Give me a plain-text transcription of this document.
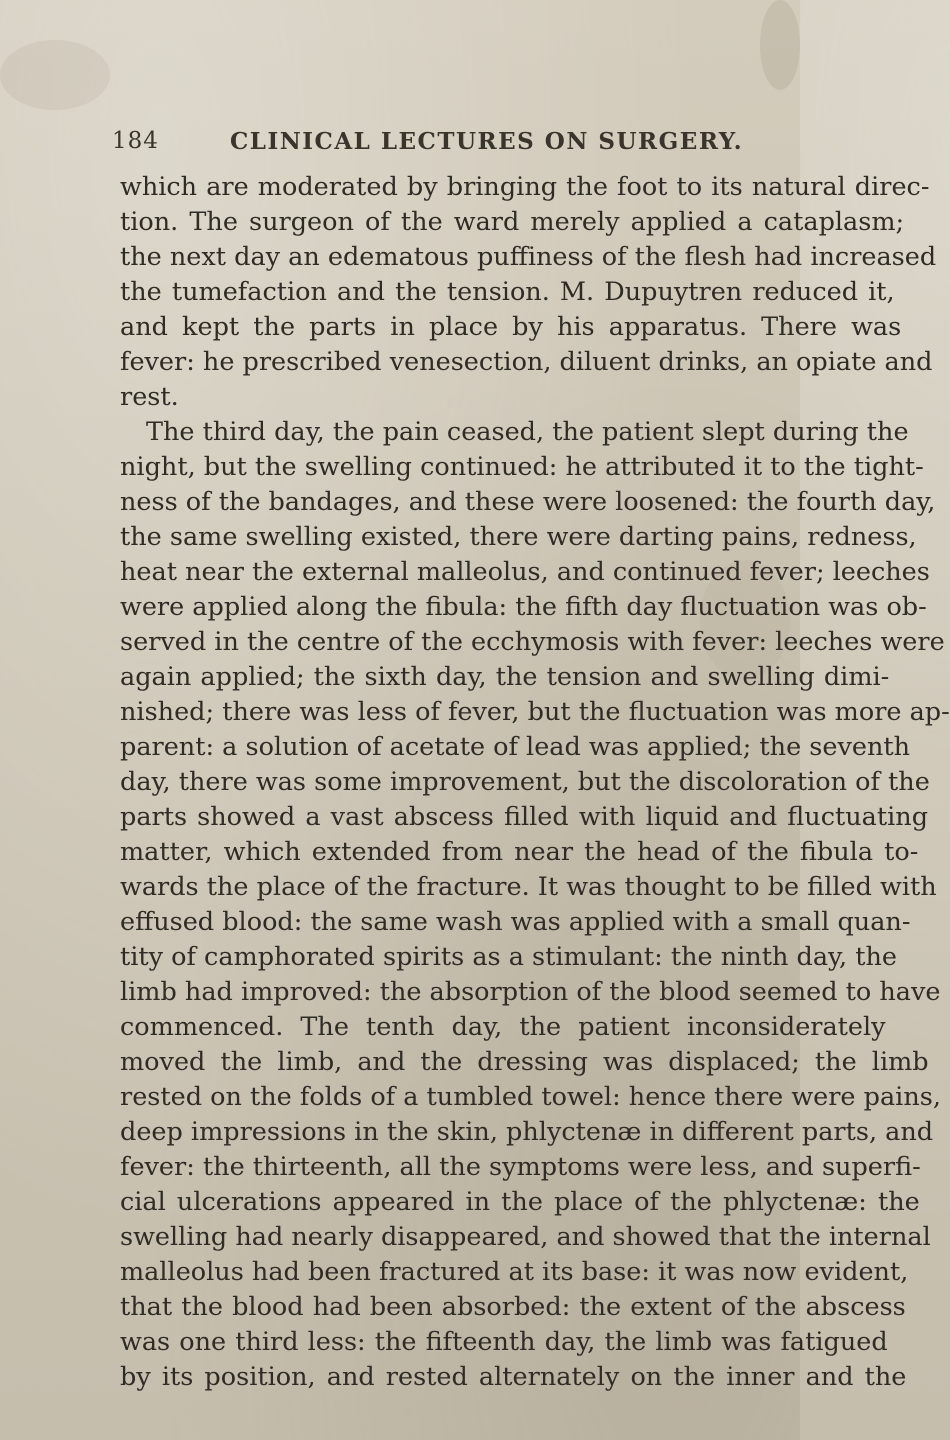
184	CLINICAL LECTURES ON SURGERY.
which are moderated by bringing the foot to its natural direc-
tion. The surgeon of the ward merely applied a cataplasm;
the next day an edematous puffiness of the flesh had increased
the tumefaction and the tension. M. Dupuytren reduced it,
and kept the parts in place by his apparatus. There was
fever: he prescribed venesection, diluent drinks, an opiate and
rest.
The third day, the pain ceased, the patient slept during the
night, but the swelling continued: he attributed it to the tight-
ness of the bandages, and these were loosened: the fourth day,
the same swelling existed, there were darting pains, redness,
heat near the external malleolus, and continued fever; leeches
were applied along the fibula: the fifth day fluctuation was ob-
served in the centre of the ecchymosis with fever: leeches were
again applied; the sixth day, the tension and swelling dimi-
nished; there was less of fever, but the fluctuation was more ap-
parent: a solution of acetate of lead was applied; the seventh
day, there was some improvement, but the discoloration of the
parts showed a vast abscess filled with liquid and fluctuating
matter, which extended from near the head of the fibula to-
wards the place of the fracture. It was thought to be filled with
effused blood: the same wash was applied with a small quan-
tity of camphorated spirits as a stimulant: the ninth day, the
limb had improved: the absorption of the blood seemed to have
commenced. The tenth day, the patient inconsiderately
moved the limb, and the dressing was displaced; the limb
rested on the folds of a tumbled towel: hence there were pains,
deep impressions in the skin, phlyctenæ in different parts, and
fever: the thirteenth, all the symptoms were less, and superfi-
cial ulcerations appeared in the place of the phlyctenæ: the
swelling had nearly disappeared, and showed that the internal
malleolus had been fractured at its base: it was now evident,
that the blood had been absorbed: the extent of the abscess
was one third less: the fifteenth day, the limb was fatigued
by its position, and rested alternately on the inner and the
